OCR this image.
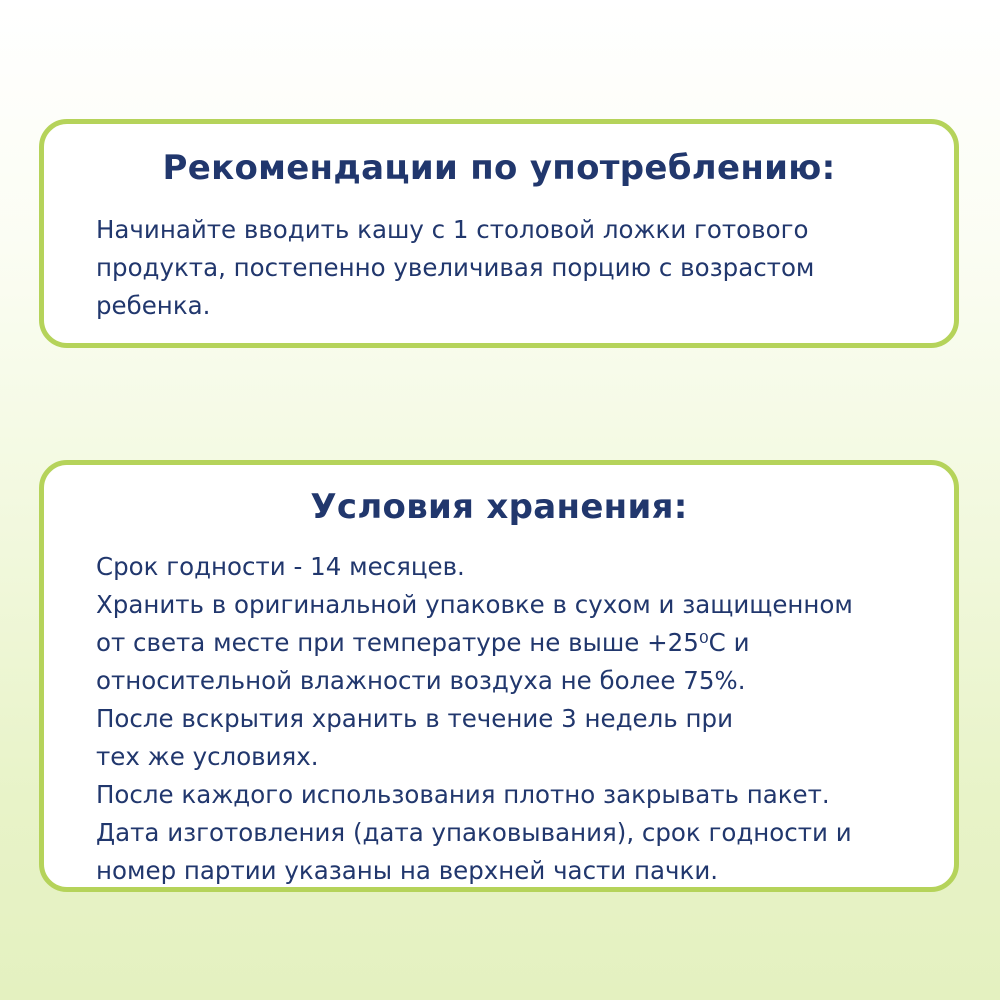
Рекомендации по употреблению:
Начинайте вводить кашу с 1 столовой ложки готового
продукта, постепенно увеличивая порцию с возрастом
ребенка.
Условия хранения:
Срок годности - 14 месяцев.
Хранить в оригинальной упаковке в сухом и защищенном
от света месте при температуре не выше +25⁰C и
относительной влажности воздуха не более 75%.
После вскрытия хранить в течение 3 недель при
тех же условиях.
После каждого использования плотно закрывать пакет.
Дата изготовления (дата упаковывания), срок годности и
номер партии указаны на верхней части пачки.
